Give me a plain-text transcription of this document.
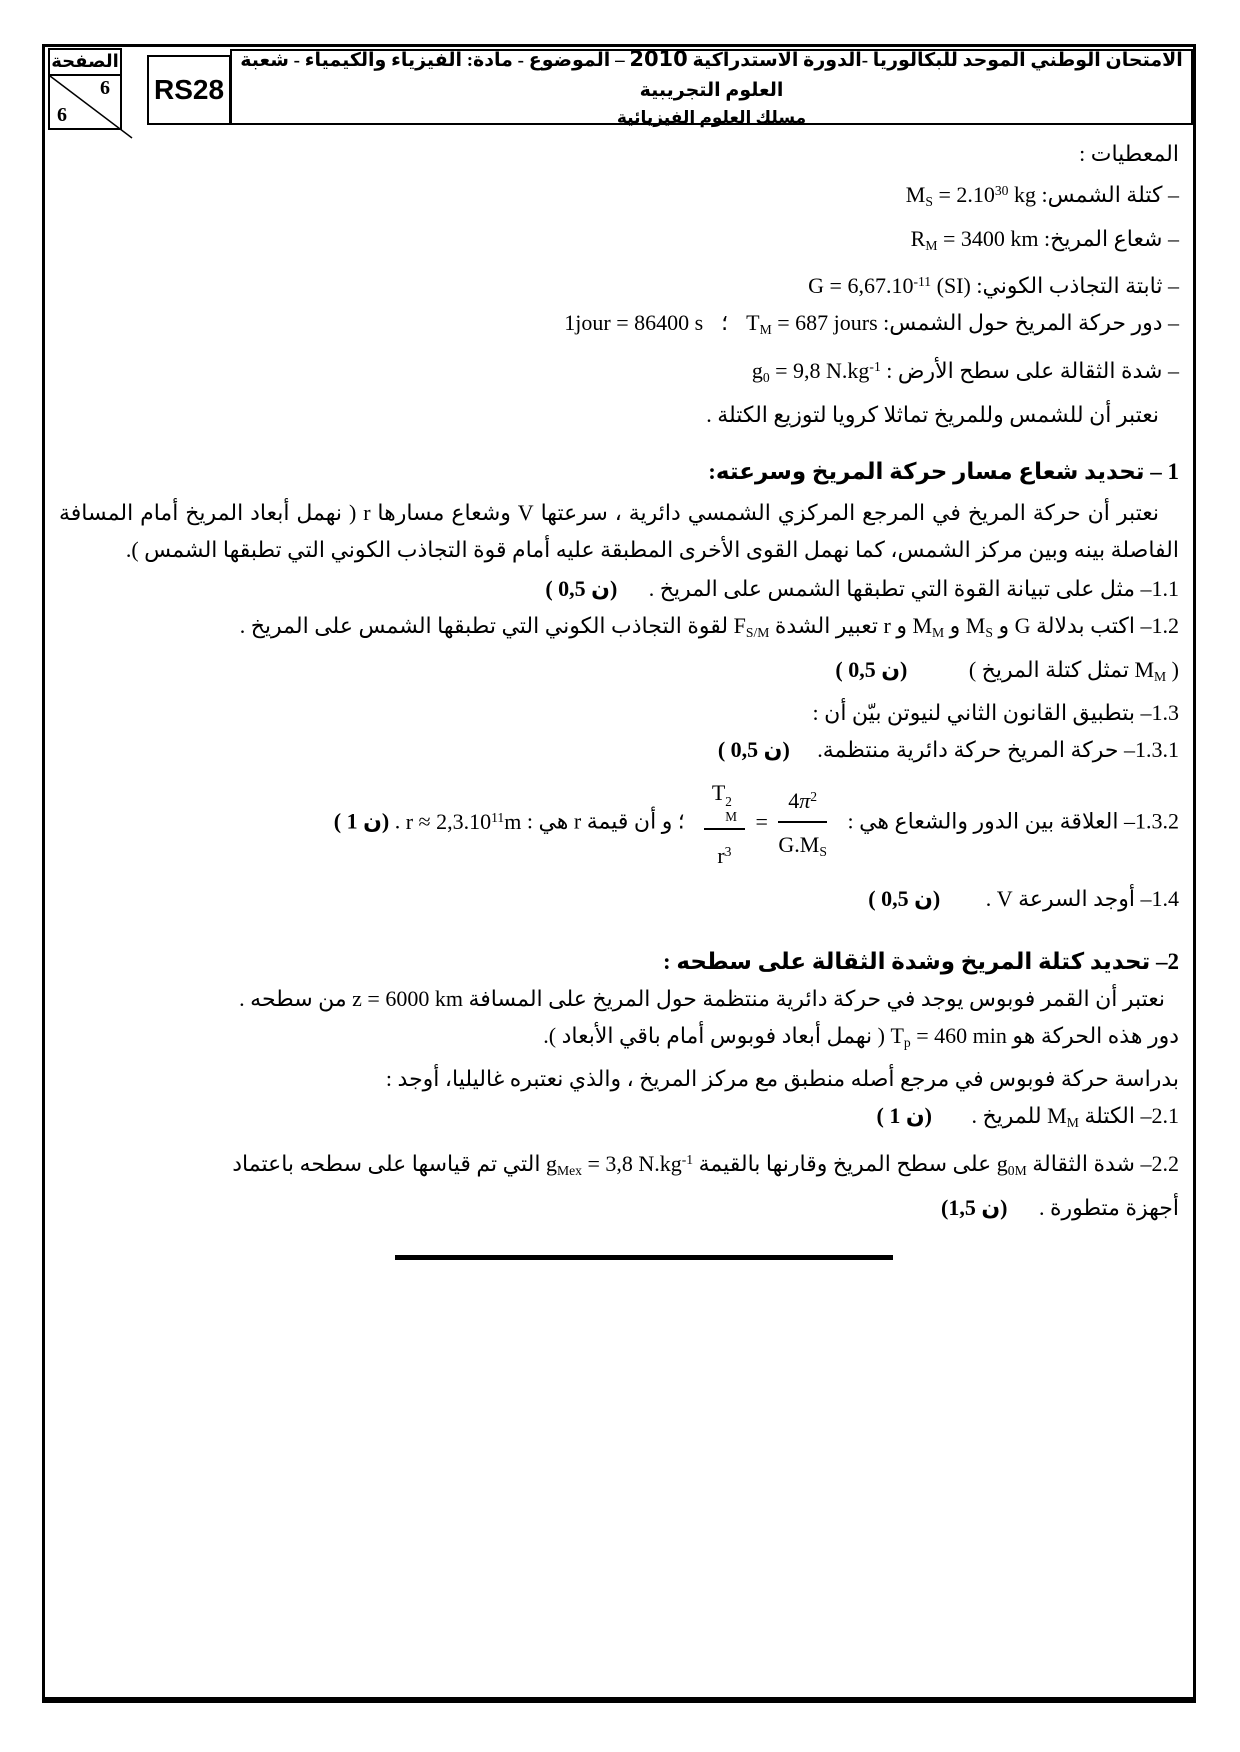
الصفحة
6
6
RS28
الامتحان الوطني الموحد للبكالوريا -الدورة الاستدراكية 2010 – الموضوع - مادة: الفيزياء والكيمياء - شعبة العلوم التجريبية
مسلك العلوم الفيزيائية
المعطيات :
– كتلة الشمس: $M_S = 2.10^{30}$ kg
– شعاع المريخ: $R_M = 3400$ km
– ثابتة التجاذب الكوني: $G = 6,67.10^{-11}$ (SI)
– دور حركة المريخ حول الشمس: $T_M = 687$ jours؛1jour = 86400 s
– شدة الثقالة على سطح الأرض : $g_0 = 9,8$ $N.kg^{-1}$
نعتبر أن للشمس وللمريخ تماثلا كرويا لتوزيع الكتلة .
1 – تحديد شعاع مسار حركة المريخ وسرعته:
نعتبر أن حركة المريخ في المرجع المركزي الشمسي دائرية ، سرعتها V وشعاع مسارها r ( نهمل أبعاد المريخ أمام المسافة الفاصلة بينه وبين مركز الشمس، كما نهمل القوى الأخرى المطبقة عليه أمام قوة التجاذب الكوني التي تطبقها الشمس ).
1.1– مثل على تبيانة القوة التي تطبقها الشمس على المريخ . ( 0,5 ن)
1.2– اكتب بدلالة G و $M_S$ و $M_M$ و r تعبير الشدة $F_{S/M}$ لقوة التجاذب الكوني التي تطبقها الشمس على المريخ .
( $M_M$ تمثل كتلة المريخ ) ( 0,5 ن)
1.3– بتطبيق القانون الثاني لنيوتن بيّن أن :
1.3.1– حركة المريخ حركة دائرية منتظمة. ( 0,5 ن)
1.3.2– العلاقة بين الدور والشعاع هي :
T 2
M
$r^3 = \frac{4\pi^2}{G.M_S}$
؛ و أن قيمة r هي : $r \approx 2,3.10^{11}m$ . ( 1 ن)
1.4– أوجد السرعة V . ( 0,5 ن)
2– تحديد كتلة المريخ وشدة الثقالة على سطحه :
نعتبر أن القمر فوبوس يوجد في حركة دائرية منتظمة حول المريخ على المسافة z = 6000 km من سطحه .
دور هذه الحركة هو $T_p = 460$ min ( نهمل أبعاد فوبوس أمام باقي الأبعاد ).
بدراسة حركة فوبوس في مرجع أصله منطبق مع مركز المريخ ، والذي نعتبره غاليليا، أوجد :
2.1– الكتلة $M_M$ للمريخ . ( 1 ن)
2.2– شدة الثقالة $g_{0M}$ على سطح المريخ وقارنها بالقيمة $g_{Mex} = 3,8$ $N.kg^{-1}$ التي تم قياسها على سطحه باعتماد
أجهزة متطورة . (1,5 ن)
